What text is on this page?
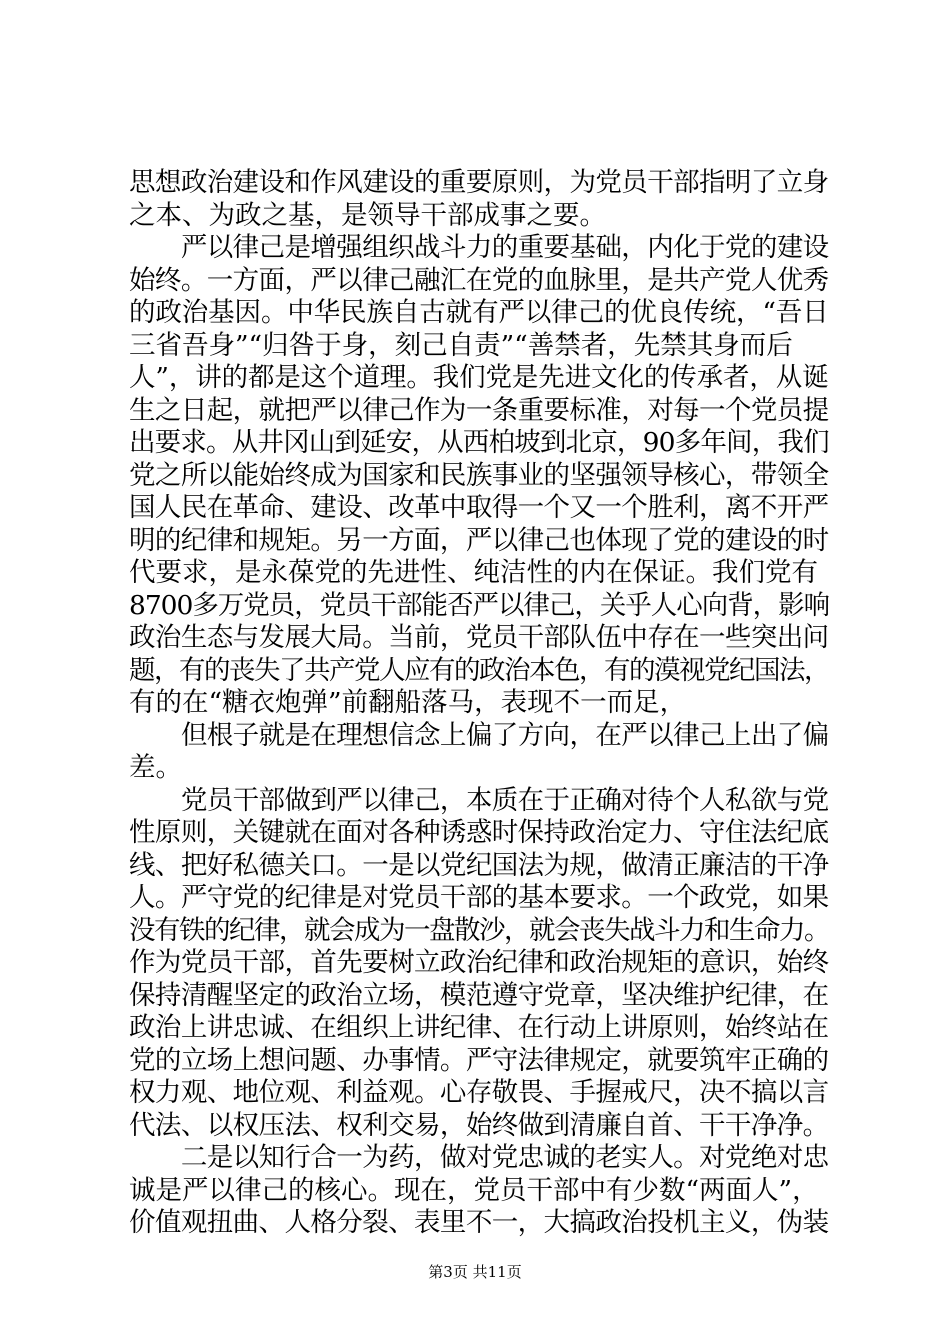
思想政治建设和作风建设的重要原则，为党员干部指明了立身
之本、为政之基，是领导干部成事之要。
　　严以律己是增强组织战斗力的重要基础，内化于党的建设
始终。一方面，严以律己融汇在党的血脉里，是共产党人优秀
的政治基因。中华民族自古就有严以律己的优良传统，“吾日
三省吾身”“归咎于身，刻己自责”“善禁者，先禁其身而后
人”，讲的都是这个道理。我们党是先进文化的传承者，从诞
生之日起，就把严以律己作为一条重要标准，对每一个党员提
出要求。从井冈山到延安，从西柏坡到北京，90多年间，我们
党之所以能始终成为国家和民族事业的坚强领导核心，带领全
国人民在革命、建设、改革中取得一个又一个胜利，离不开严
明的纪律和规矩。另一方面，严以律己也体现了党的建设的时
代要求，是永葆党的先进性、纯洁性的内在保证。我们党有
8700多万党员，党员干部能否严以律己，关乎人心向背，影响
政治生态与发展大局。当前，党员干部队伍中存在一些突出问
题，有的丧失了共产党人应有的政治本色，有的漠视党纪国法，
有的在“糖衣炮弹”前翻船落马，表现不一而足，
　　但根子就是在理想信念上偏了方向，在严以律己上出了偏
差。
　　党员干部做到严以律己，本质在于正确对待个人私欲与党
性原则，关键就在面对各种诱惑时保持政治定力、守住法纪底
线、把好私德关口。一是以党纪国法为规，做清正廉洁的干净
人。严守党的纪律是对党员干部的基本要求。一个政党，如果
没有铁的纪律，就会成为一盘散沙，就会丧失战斗力和生命力。
作为党员干部，首先要树立政治纪律和政治规矩的意识，始终
保持清醒坚定的政治立场，模范遵守党章，坚决维护纪律，在
政治上讲忠诚、在组织上讲纪律、在行动上讲原则，始终站在
党的立场上想问题、办事情。严守法律规定，就要筑牢正确的
权力观、地位观、利益观。心存敬畏、手握戒尺，决不搞以言
代法、以权压法、权利交易，始终做到清廉自首、干干净净。
　　二是以知行合一为药，做对党忠诚的老实人。对党绝对忠
诚是严以律己的核心。现在，党员干部中有少数“两面人”，
价值观扭曲、人格分裂、表里不一，大搞政治投机主义，伪装
第3页 共11页
